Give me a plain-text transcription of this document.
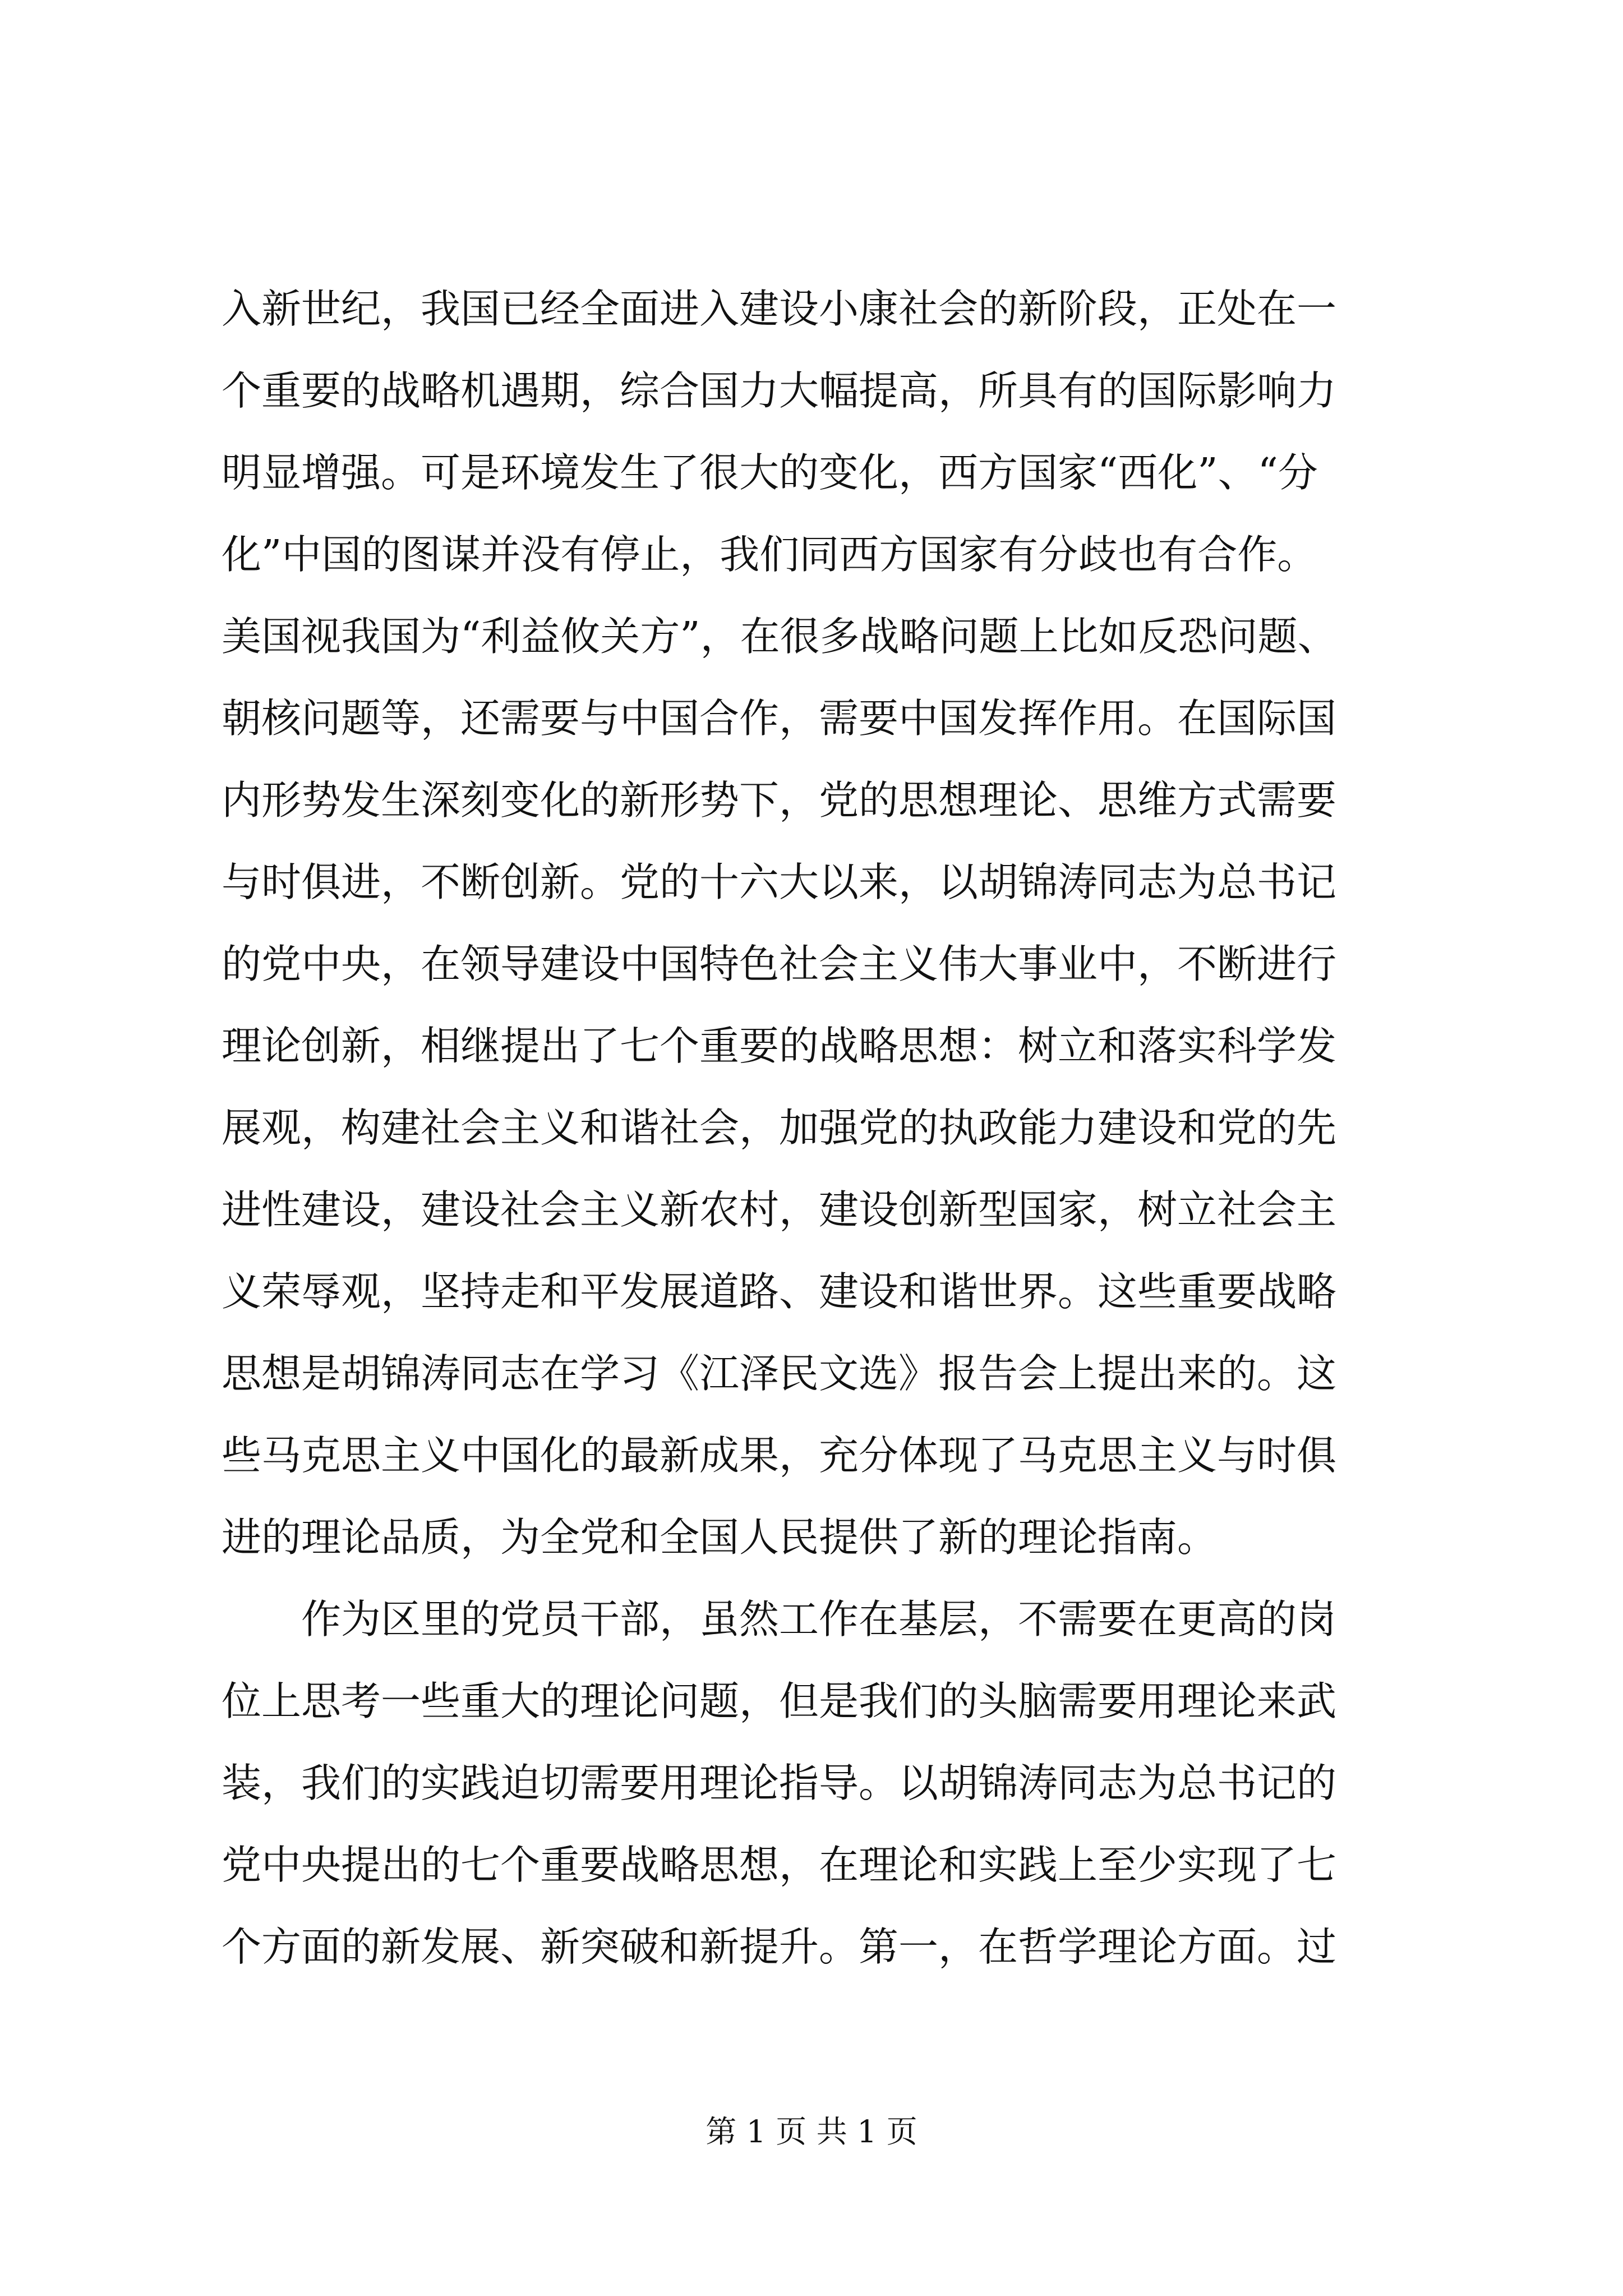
入新世纪，我国已经全面进入建设小康社会的新阶段，正处在一
个重要的战略机遇期，综合国力大幅提高，所具有的国际影响力
明显增强。可是环境发生了很大的变化，西方国家“西化”、“分
化”中国的图谋并没有停止，我们同西方国家有分歧也有合作。
美国视我国为“利益攸关方”，在很多战略问题上比如反恐问题、
朝核问题等，还需要与中国合作，需要中国发挥作用。在国际国
内形势发生深刻变化的新形势下，党的思想理论、思维方式需要
与时俱进，不断创新。党的十六大以来，以胡锦涛同志为总书记
的党中央，在领导建设中国特色社会主义伟大事业中，不断进行
理论创新，相继提出了七个重要的战略思想：树立和落实科学发
展观，构建社会主义和谐社会，加强党的执政能力建设和党的先
进性建设，建设社会主义新农村，建设创新型国家，树立社会主
义荣辱观，坚持走和平发展道路、建设和谐世界。这些重要战略
思想是胡锦涛同志在学习《江泽民文选》报告会上提出来的。这
些马克思主义中国化的最新成果，充分体现了马克思主义与时俱
进的理论品质，为全党和全国人民提供了新的理论指南。
　　作为区里的党员干部，虽然工作在基层，不需要在更高的岗
位上思考一些重大的理论问题，但是我们的头脑需要用理论来武
装，我们的实践迫切需要用理论指导。以胡锦涛同志为总书记的
党中央提出的七个重要战略思想，在理论和实践上至少实现了七
个方面的新发展、新突破和新提升。第一，在哲学理论方面。过
第 1 页 共 1 页
